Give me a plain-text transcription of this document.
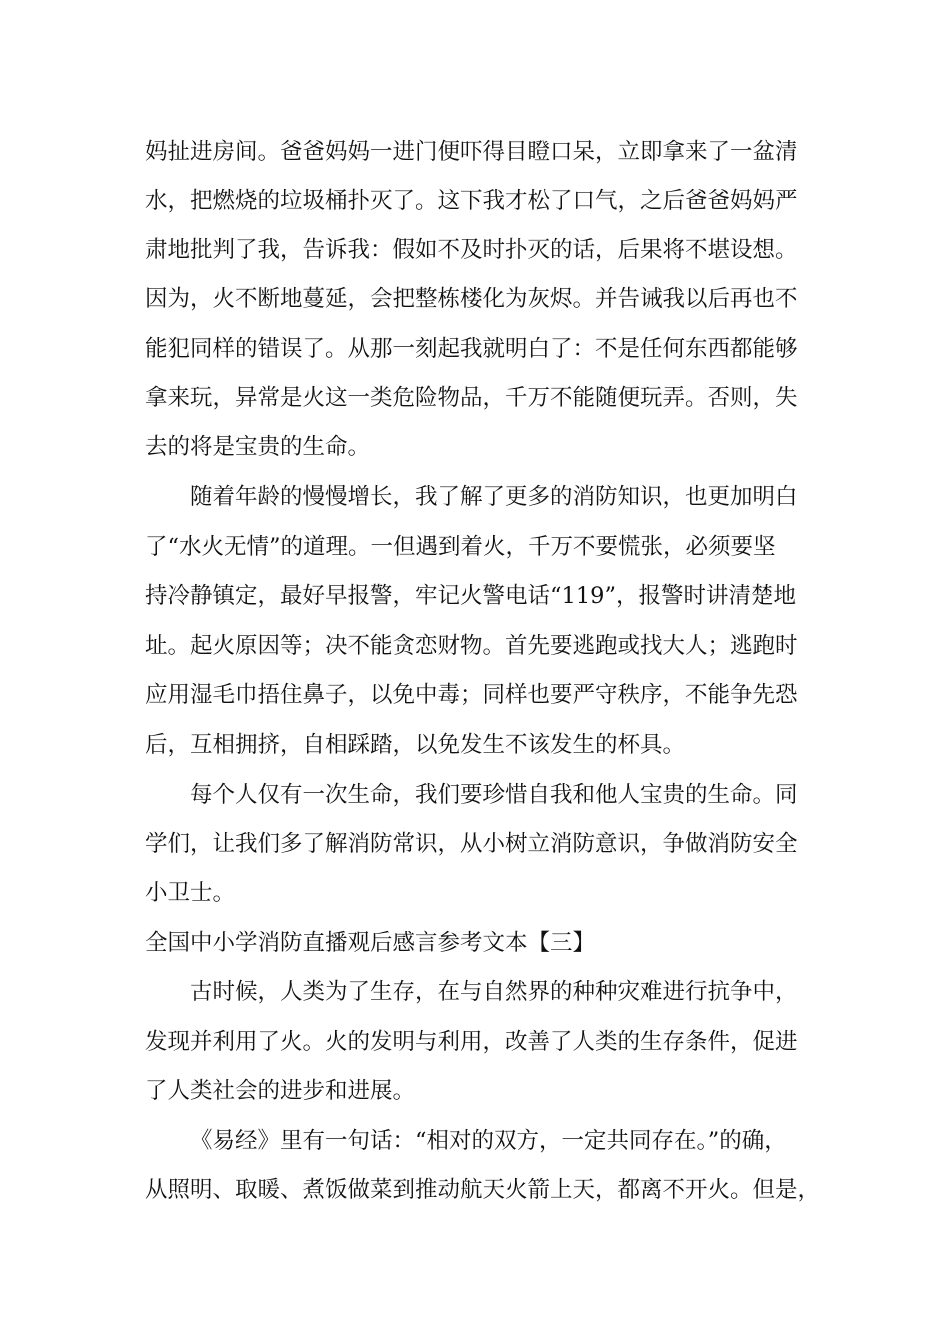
妈扯进房间。爸爸妈妈一进门便吓得目瞪口呆，立即拿来了一盆清
水，把燃烧的垃圾桶扑灭了。这下我才松了口气，之后爸爸妈妈严
肃地批判了我，告诉我：假如不及时扑灭的话，后果将不堪设想。
因为，火不断地蔓延，会把整栋楼化为灰烬。并告诫我以后再也不
能犯同样的错误了。从那一刻起我就明白了：不是任何东西都能够
拿来玩，异常是火这一类危险物品，千万不能随便玩弄。否则，失
去的将是宝贵的生命。
随着年龄的慢慢增长，我了解了更多的消防知识，也更加明白
了“水火无情”的道理。一但遇到着火，千万不要慌张，必须要坚
持冷静镇定，最好早报警，牢记火警电话“119”，报警时讲清楚地
址。起火原因等；决不能贪恋财物。首先要逃跑或找大人；逃跑时
应用湿毛巾捂住鼻子，以免中毒；同样也要严守秩序，不能争先恐
后，互相拥挤，自相踩踏，以免发生不该发生的杯具。
每个人仅有一次生命，我们要珍惜自我和他人宝贵的生命。同
学们，让我们多了解消防常识，从小树立消防意识，争做消防安全
小卫士。
全国中小学消防直播观后感言参考文本【三】
古时候，人类为了生存，在与自然界的种种灾难进行抗争中，
发现并利用了火。火的发明与利用，改善了人类的生存条件，促进
了人类社会的进步和进展。
《易经》里有一句话：“相对的双方，一定共同存在。”的确，
从照明、取暖、煮饭做菜到推动航天火箭上天，都离不开火。但是，
